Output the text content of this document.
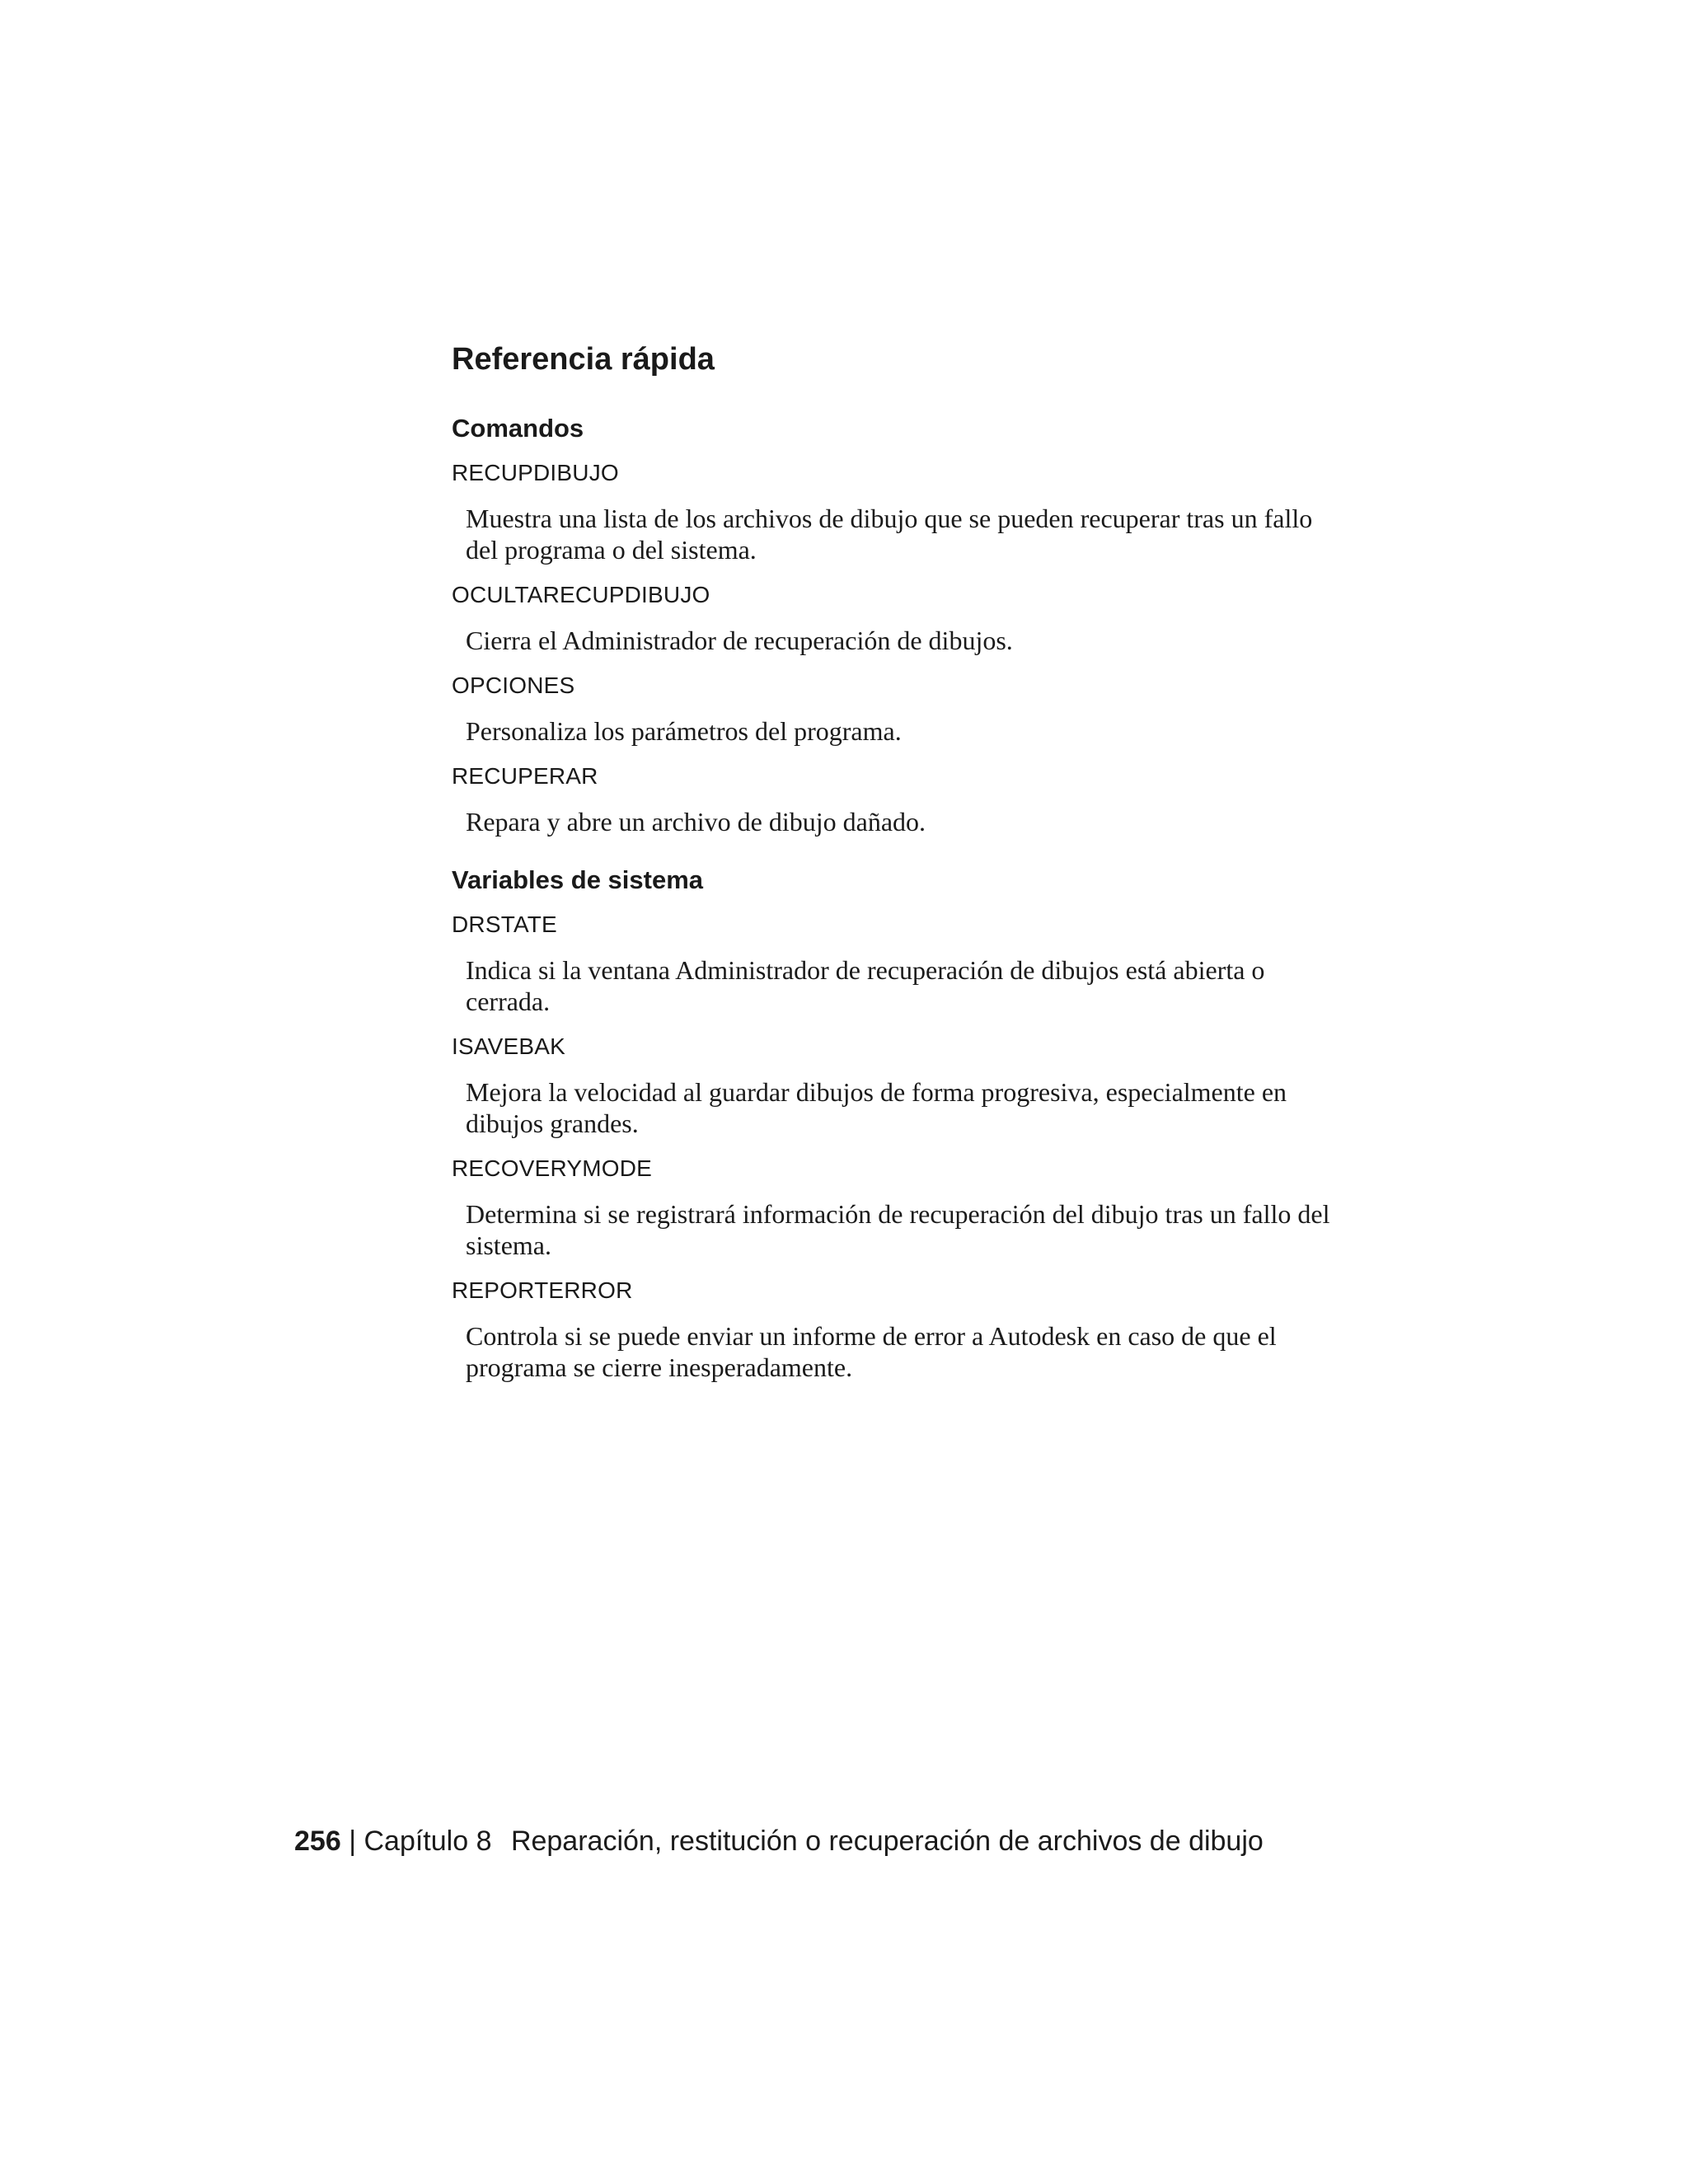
Referencia rápida
Comandos
RECUPDIBUJO
Muestra una lista de los archivos de dibujo que se pueden recuperar tras un fallo del programa o del sistema.
OCULTARECUPDIBUJO
Cierra el Administrador de recuperación de dibujos.
OPCIONES
Personaliza los parámetros del programa.
RECUPERAR
Repara y abre un archivo de dibujo dañado.
Variables de sistema
DRSTATE
Indica si la ventana Administrador de recuperación de dibujos está abierta o cerrada.
ISAVEBAK
Mejora la velocidad al guardar dibujos de forma progresiva, especialmente en dibujos grandes.
RECOVERYMODE
Determina si se registrará información de recuperación del dibujo tras un fallo del sistema.
REPORTERROR
Controla si se puede enviar un informe de error a Autodesk en caso de que el programa se cierre inesperadamente.
256 | Capítulo 8 Reparación, restitución o recuperación de archivos de dibujo
